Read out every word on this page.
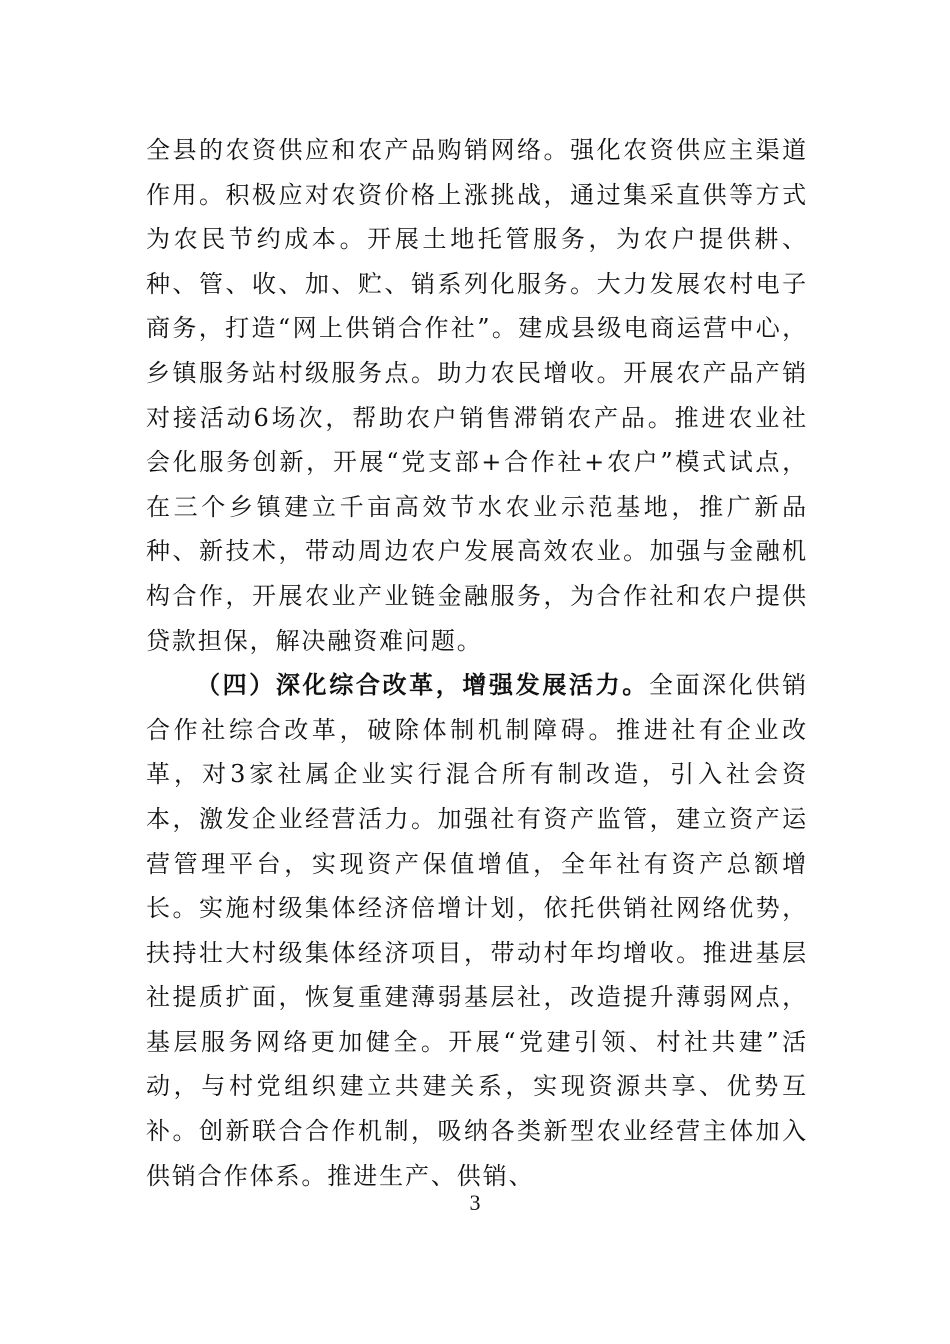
全县的农资供应和农产品购销网络。强化农资供应主渠道作用。积极应对农资价格上涨挑战，通过集采直供等方式为农民节约成本。开展土地托管服务，为农户提供耕、种、管、收、加、贮、销系列化服务。大力发展农村电子商务，打造“网上供销合作社”。建成县级电商运营中心，乡镇服务站村级服务点。助力农民增收。开展农产品产销对接活动6场次，帮助农户销售滞销农产品。推进农业社会化服务创新，开展“党支部+合作社+农户”模式试点，在三个乡镇建立千亩高效节水农业示范基地，推广新品种、新技术，带动周边农户发展高效农业。加强与金融机构合作，开展农业产业链金融服务，为合作社和农户提供贷款担保，解决融资难问题。

（四）深化综合改革，增强发展活力。全面深化供销合作社综合改革，破除体制机制障碍。推进社有企业改革，对3家社属企业实行混合所有制改造，引入社会资本，激发企业经营活力。加强社有资产监管，建立资产运营管理平台，实现资产保值增值，全年社有资产总额增长。实施村级集体经济倍增计划，依托供销社网络优势，扶持壮大村级集体经济项目，带动村年均增收。推进基层社提质扩面，恢复重建薄弱基层社，改造提升薄弱网点，基层服务网络更加健全。开展“党建引领、村社共建”活动，与村党组织建立共建关系，实现资源共享、优势互补。创新联合合作机制，吸纳各类新型农业经营主体加入供销合作体系。推进生产、供销、

3
